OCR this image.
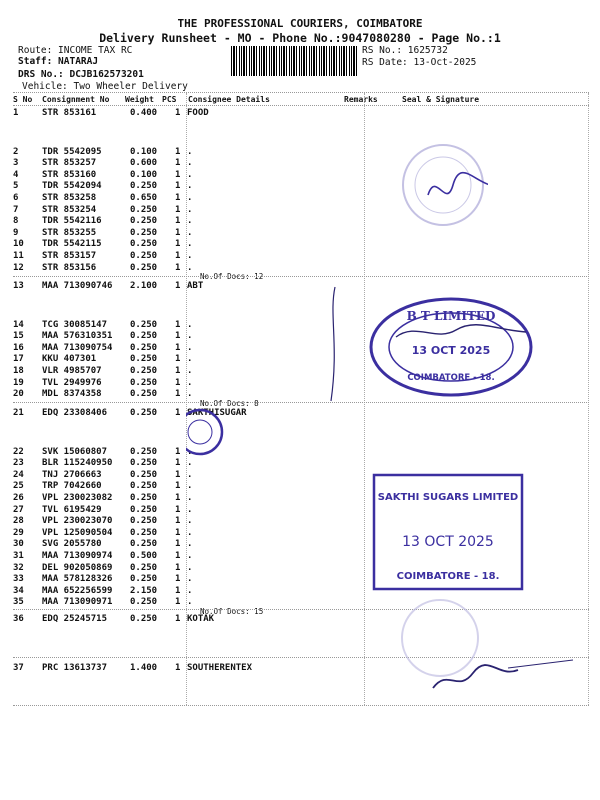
THE PROFESSIONAL COURIERS, COIMBATORE
Delivery Runsheet - MO - Phone No.:9047080280 - Page No.:1
Route: INCOME TAX RC
Staff: NATARAJ
DRS No.: DCJB162573201
Vehicle: Two Wheeler Delivery
RS No.: 1625732
RS Date: 13-Oct-2025
S No Consignment No Weight PCS Consignee Details	Remarks	Seal & Signature
1	STR 853161	0.400 1 FOOD
2	TDR 5542095	0.100 1 .
3	STR 853257	0.600 1 .
4	STR 853160	0.100 1 .
5	TDR 5542094	0.250 1 .
6	STR 853258	0.650 1 .
7	STR 853254	0.250 1 .
8	TDR 5542116	0.250 1 .
9	STR 853255	0.250 1 .
10 TDR 5542115	0.250 1 .
11 STR 853157	0.250 1 .
12 STR 853156	0.250 1 .
No.Of Docs: 12
13 MAA 713090746 2.100 1 ABT
14 TCG 30085147	0.250 1 .
15 MAA 576310351 0.250 1 .
16 MAA 713090754 0.250 1 .
17 KKU 407301	0.250 1 .
18 VLR 4985707	0.250 1 .
19 TVL 2949976	0.250 1 .
20 MDL 8374358	0.250 1 .
No.Of Docs: 8
21 EDQ 23308406	0.250 1 SAKTHISUGAR
22 SVK 15060807	0.250 1 .
23 BLR 115240950 0.250 1 .
24 TNJ 2706663	0.250 1 .
25 TRP 7042660	0.250 1 .
26 VPL 230023082 0.250 1 .
27 TVL 6195429	0.250 1 .
28 VPL 230023070 0.250 1 .
29 VPL 125090504 0.250 1 .
30 SVG 2055780	0.250 1 .
31 MAA 713090974 0.500 1 .
32 DEL 902050869 0.250 1 .
33 MAA 578128326 0.250 1 .
34 MAA 652256599 2.150 1 .
35 MAA 713090971 0.250 1 .
No.Of Docs: 15
36 EDQ 25245715	0.250 1 KOTAK
37 PRC 13613737	1.400 1 SOUTHERENTEX
B T LIMITED
13 OCT 2025
COIMBATORE - 18.
SAKTHI SUGARS LIMITED
13 OCT 2025
COIMBATORE - 18.
